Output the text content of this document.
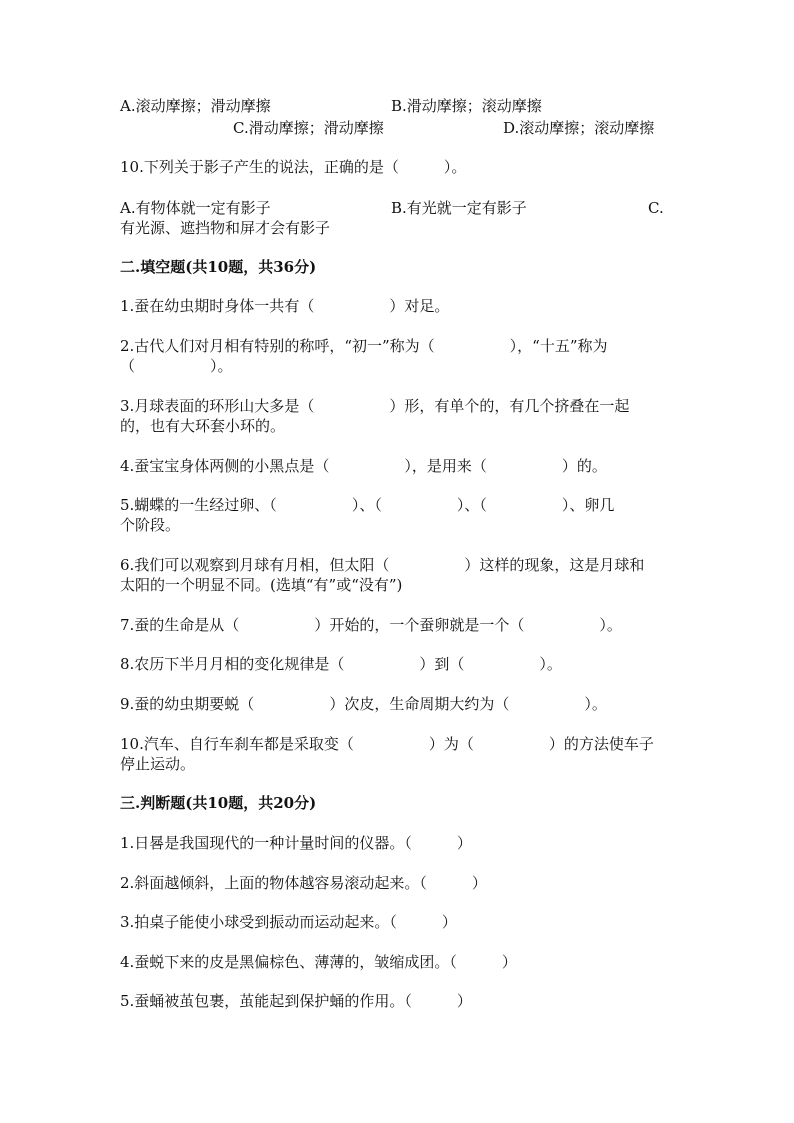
A.滚动摩擦；滑动摩擦	B.滑动摩擦；滚动摩擦
C.滑动摩擦；滑动摩擦	D.滚动摩擦；滚动摩擦
10.下列关于影子产生的说法，正确的是（　　　）。
A.有物体就一定有影子	B.有光就一定有影子	C.
有光源、遮挡物和屏才会有影子
二.填空题(共10题，共36分)
1.蚕在幼虫期时身体一共有（　　　　　）对足。
2.古代人们对月相有特别的称呼，“初一”称为（　　　　　），“十五”称为
（　　　　　）。
3.月球表面的环形山大多是（　　　　　）形，有单个的，有几个挤叠在一起
的，也有大环套小环的。
4.蚕宝宝身体两侧的小黑点是（　　　　　），是用来（　　　　　）的。
5.蝴蝶的一生经过卵、（　　　　　）、（　　　　　）、（　　　　　）、卵几
个阶段。
6.我们可以观察到月球有月相，但太阳（　　　　　）这样的现象，这是月球和
太阳的一个明显不同。(选填“有”或“没有”)
7.蚕的生命是从（　　　　　）开始的，一个蚕卵就是一个（　　　　　）。
8.农历下半月月相的变化规律是（　　　　　）到（　　　　　）。
9.蚕的幼虫期要蜕（　　　　　）次皮，生命周期大约为（　　　　　）。
10.汽车、自行车刹车都是采取变（　　　　　）为（　　　　　）的方法使车子
停止运动。
三.判断题(共10题，共20分)
1.日晷是我国现代的一种计量时间的仪器。（　　　）
2.斜面越倾斜，上面的物体越容易滚动起来。（　　　）
3.拍桌子能使小球受到振动而运动起来。（　　　）
4.蚕蜕下来的皮是黑偏棕色、薄薄的，皱缩成团。（　　　）
5.蚕蛹被茧包裹，茧能起到保护蛹的作用。（　　　）
